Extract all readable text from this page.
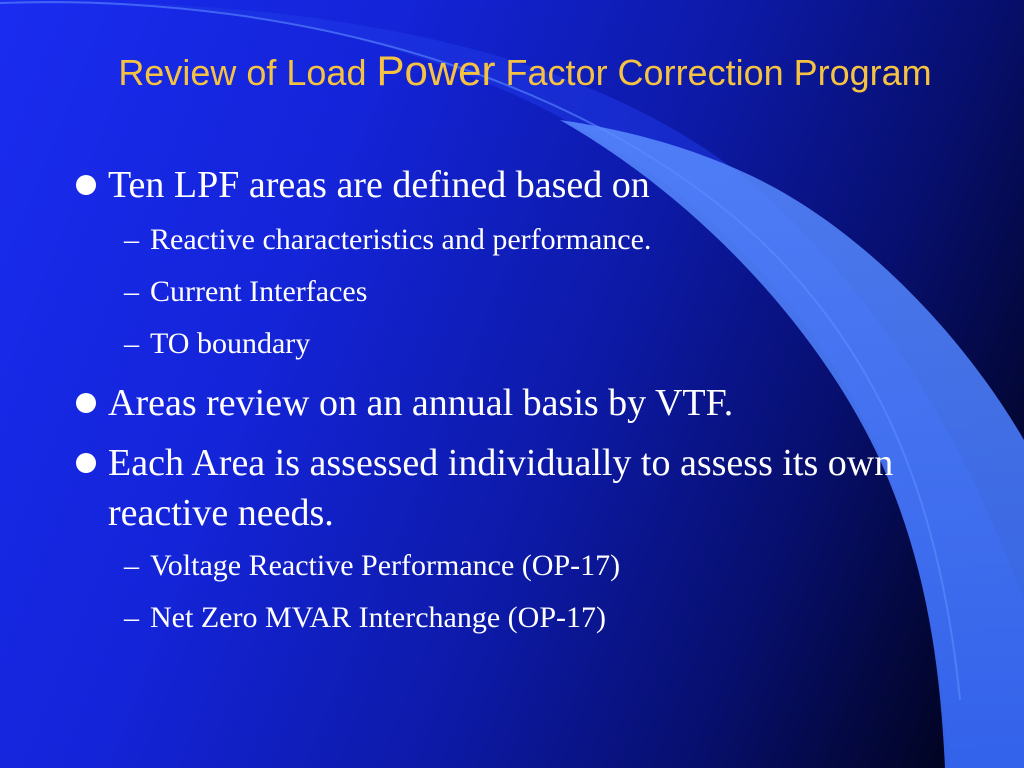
Review of Load Power Factor Correction Program
Ten LPF areas are defined based on
– Reactive characteristics and performance.
– Current Interfaces
– TO boundary
Areas review on an annual basis by VTF.
Each Area is assessed individually to assess its own reactive needs.
– Voltage Reactive Performance (OP-17)
– Net Zero MVAR Interchange (OP-17)
